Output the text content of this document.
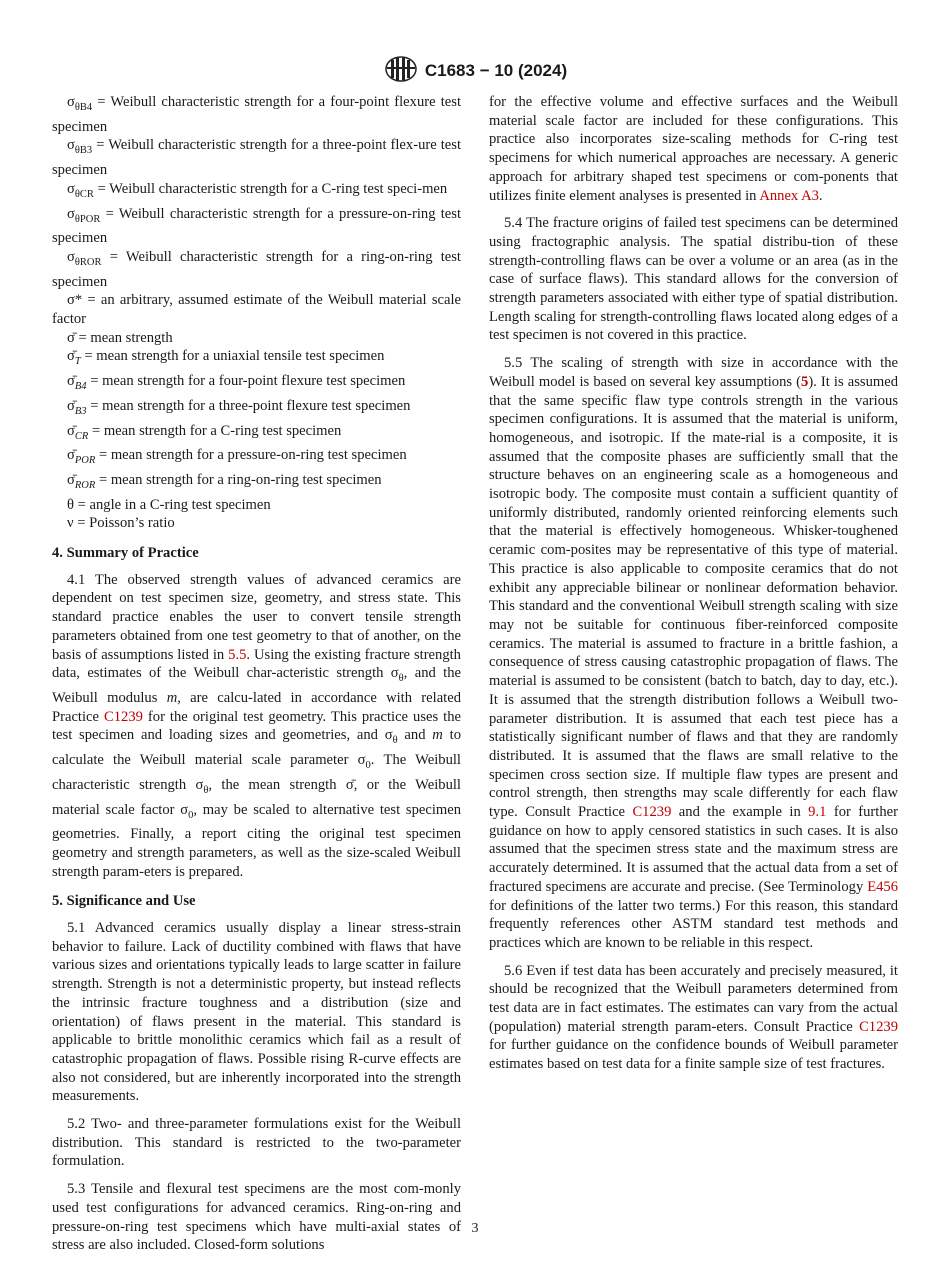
C1683 − 10 (2024)

$\sigma_{\theta B4}$ = Weibull characteristic strength for a four-point flexure test specimen

$\sigma_{\theta B3}$ = Weibull characteristic strength for a three-point flex-ure test specimen

$\sigma_{\theta CR}$ = Weibull characteristic strength for a C-ring test speci-men

$\sigma_{\theta POR}$ = Weibull characteristic strength for a pressure-on-ring test specimen

$\sigma_{\theta ROR}$ = Weibull characteristic strength for a ring-on-ring test specimen

σ* = an arbitrary, assumed estimate of the Weibull material scale factor

σ̄ = mean strength

$\sigmā_T$ = mean strength for a uniaxial tensile test specimen

$\sigmā_{B4}$ = mean strength for a four-point flexure test specimen

$\sigmā_{B3}$ = mean strength for a three-point flexure test specimen

$\sigmā_{CR}$ = mean strength for a C-ring test specimen

$\sigmā_{POR}$ = mean strength for a pressure-on-ring test specimen

$\sigmā_{ROR}$ = mean strength for a ring-on-ring test specimen

θ = angle in a C-ring test specimen

ν = Poisson’s ratio

4. Summary of Practice

4.1 The observed strength values of advanced ceramics are dependent on test specimen size, geometry, and stress state. This standard practice enables the user to convert tensile strength parameters obtained from one test geometry to that of another, on the basis of assumptions listed in 5.5. Using the existing fracture strength data, estimates of the Weibull char-acteristic strength $\sigma_\theta$, and the Weibull modulus m, are calcu-lated in accordance with related Practice C1239 for the original test geometry. This practice uses the test specimen and loading sizes and geometries, and $\sigma_\theta$ and m to calculate the Weibull material scale parameter $\sigma_0$. The Weibull characteristic strength $\sigma_\theta$, the mean strength σ̄, or the Weibull material scale factor $\sigma_0$, may be scaled to alternative test specimen geometries. Finally, a report citing the original test specimen geometry and strength parameters, as well as the size-scaled Weibull strength param-eters is prepared.

5. Significance and Use

5.1 Advanced ceramics usually display a linear stress-strain behavior to failure. Lack of ductility combined with flaws that have various sizes and orientations typically leads to large scatter in failure strength. Strength is not a deterministic property, but instead reflects the intrinsic fracture toughness and a distribution (size and orientation) of flaws present in the material. This standard is applicable to brittle monolithic ceramics which fail as a result of catastrophic propagation of flaws. Possible rising R-curve effects are also not considered, but are inherently incorporated into the strength measurements.

5.2 Two- and three-parameter formulations exist for the Weibull distribution. This standard is restricted to the two-parameter formulation.

5.3 Tensile and flexural test specimens are the most com-monly used test configurations for advanced ceramics. Ring-on-ring and pressure-on-ring test specimens which have multi-axial states of stress are also included. Closed-form solutions

for the effective volume and effective surfaces and the Weibull material scale factor are included for these configurations. This practice also incorporates size-scaling methods for C-ring test specimens for which numerical approaches are necessary. A generic approach for arbitrary shaped test specimens or com-ponents that utilizes finite element analyses is presented in Annex A3.

5.4 The fracture origins of failed test specimens can be determined using fractographic analysis. The spatial distribu-tion of these strength-controlling flaws can be over a volume or an area (as in the case of surface flaws). This standard allows for the conversion of strength parameters associated with either type of spatial distribution. Length scaling for strength-controlling flaws located along edges of a test specimen is not covered in this practice.

5.5 The scaling of strength with size in accordance with the Weibull model is based on several key assumptions (5). It is assumed that the same specific flaw type controls strength in the various specimen configurations. It is assumed that the material is uniform, homogeneous, and isotropic. If the mate-rial is a composite, it is assumed that the composite phases are sufficiently small that the structure behaves on an engineering scale as a homogeneous and isotropic body. The composite must contain a sufficient quantity of uniformly distributed, randomly oriented reinforcing elements such that the material is effectively homogeneous. Whisker-toughened ceramic com-posites may be representative of this type of material. This practice is also applicable to composite ceramics that do not exhibit any appreciable bilinear or nonlinear deformation behavior. This standard and the conventional Weibull strength scaling with size may not be suitable for continuous fiber-reinforced composite ceramics. The material is assumed to fracture in a brittle fashion, a consequence of stress causing catastrophic propagation of flaws. The material is assumed to be consistent (batch to batch, day to day, etc.). It is assumed that the strength distribution follows a Weibull two-parameter distribution. It is assumed that each test piece has a statistically significant number of flaws and that they are randomly distributed. It is assumed that the flaws are small relative to the specimen cross section size. If multiple flaw types are present and control strength, then strengths may scale differently for each flaw type. Consult Practice C1239 and the example in 9.1 for further guidance on how to apply censored statistics in such cases. It is also assumed that the specimen stress state and the maximum stress are accurately determined. It is assumed that the actual data from a set of fractured specimens are accurate and precise. (See Terminology E456 for definitions of the latter two terms.) For this reason, this standard frequently references other ASTM standard test methods and practices which are known to be reliable in this respect.

5.6 Even if test data has been accurately and precisely measured, it should be recognized that the Weibull parameters determined from test data are in fact estimates. The estimates can vary from the actual (population) material strength param-eters. Consult Practice C1239 for further guidance on the confidence bounds of Weibull parameter estimates based on test data for a finite sample size of test fractures.

3
